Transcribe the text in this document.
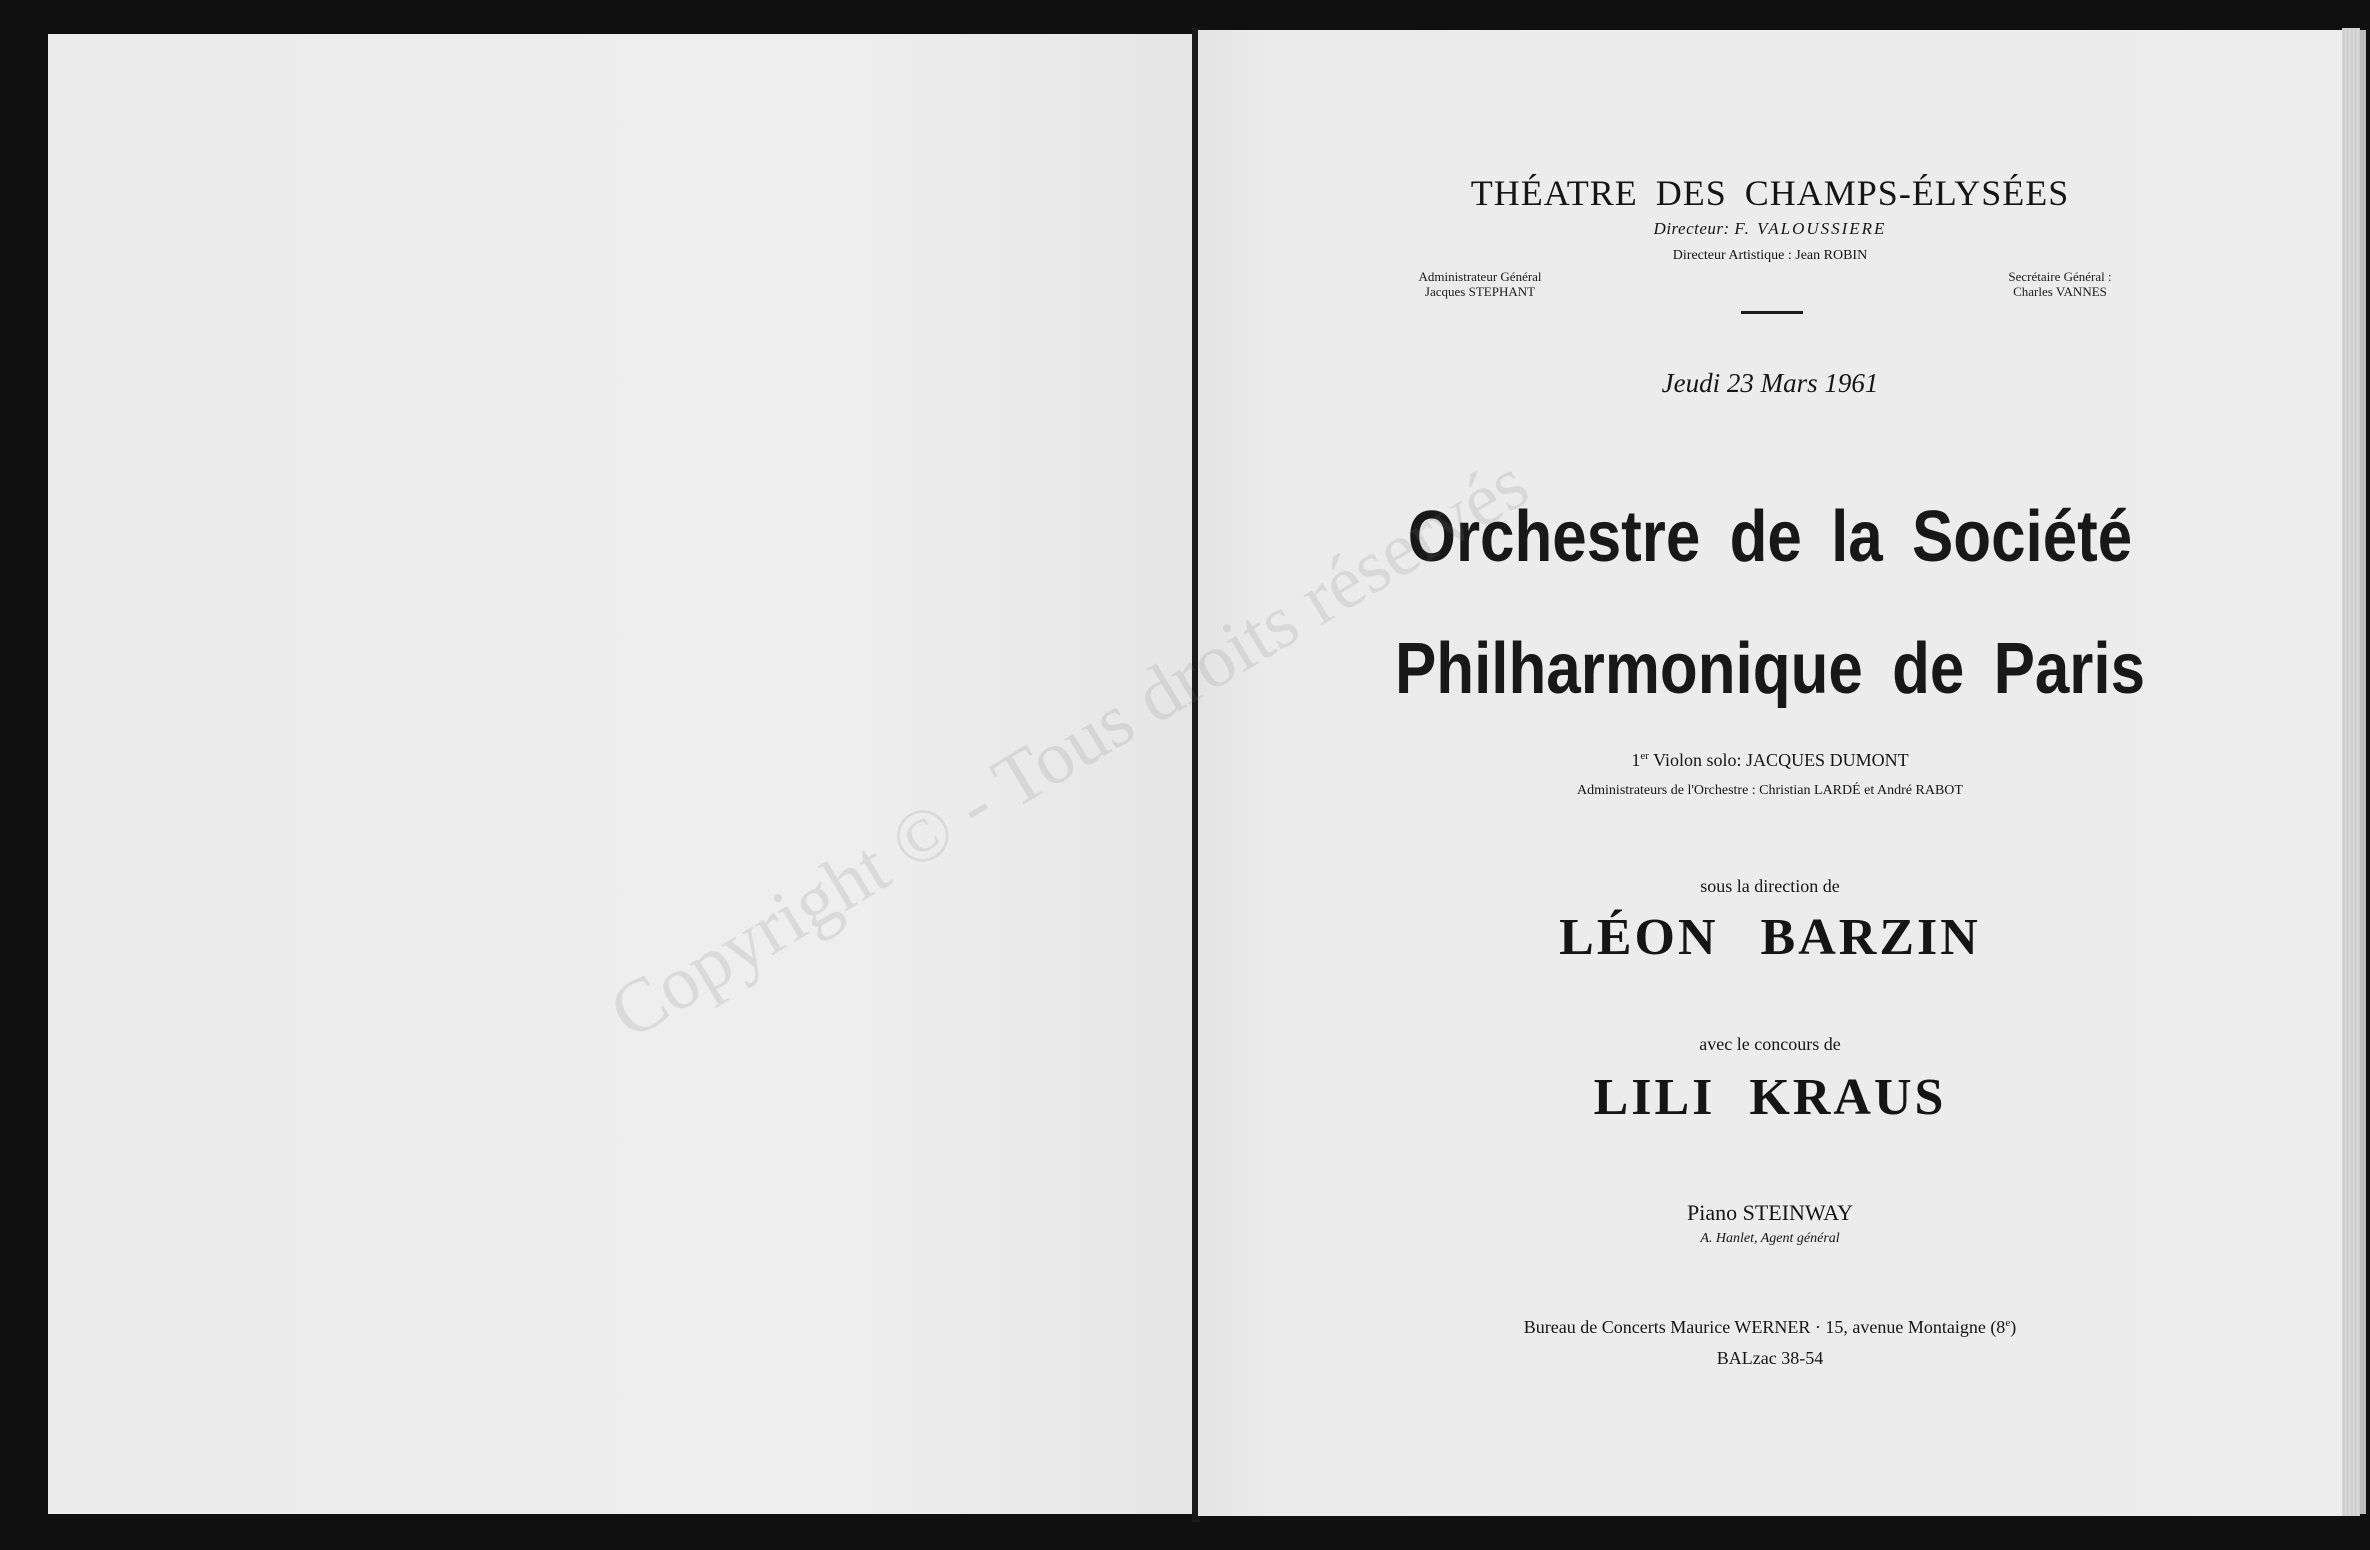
THÉATRE DES CHAMPS-ÉLYSÉES
Directeur: F. VALOUSSIERE
Directeur Artistique : Jean ROBIN
Administrateur Général
Jacques STEPHANT
Secrétaire Général :
Charles VANNES
Jeudi 23 Mars 1961
Orchestre de la Société
Philharmonique de Paris
1er Violon solo: JACQUES DUMONT
Administrateurs de l'Orchestre : Christian LARDÉ et André RABOT
sous la direction de
LÉON BARZIN
avec le concours de
LILI KRAUS
Piano STEINWAY
A. Hanlet, Agent général
Bureau de Concerts Maurice WERNER · 15, avenue Montaigne (8e)
BALzac 38-54
